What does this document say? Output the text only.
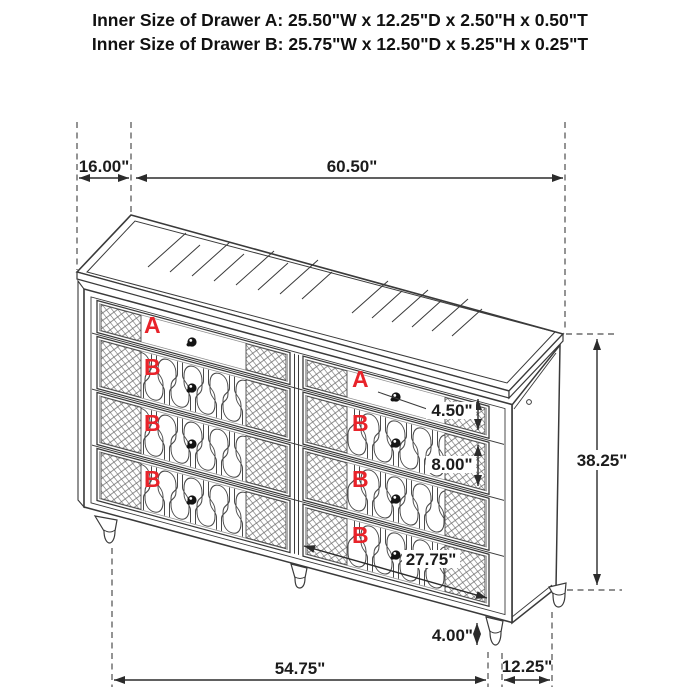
Inner Size of Drawer A: 25.50"W x 12.25"D x 2.50"H x 0.50"T
Inner Size of Drawer B: 25.75"W x 12.50"D x 5.25"H x 0.25"T
A
B
B
B
A
B
B
B
16.00"	60.50"
38.25"
4.50"
8.00"
27.75"
4.00"
54.75"	12.25"
